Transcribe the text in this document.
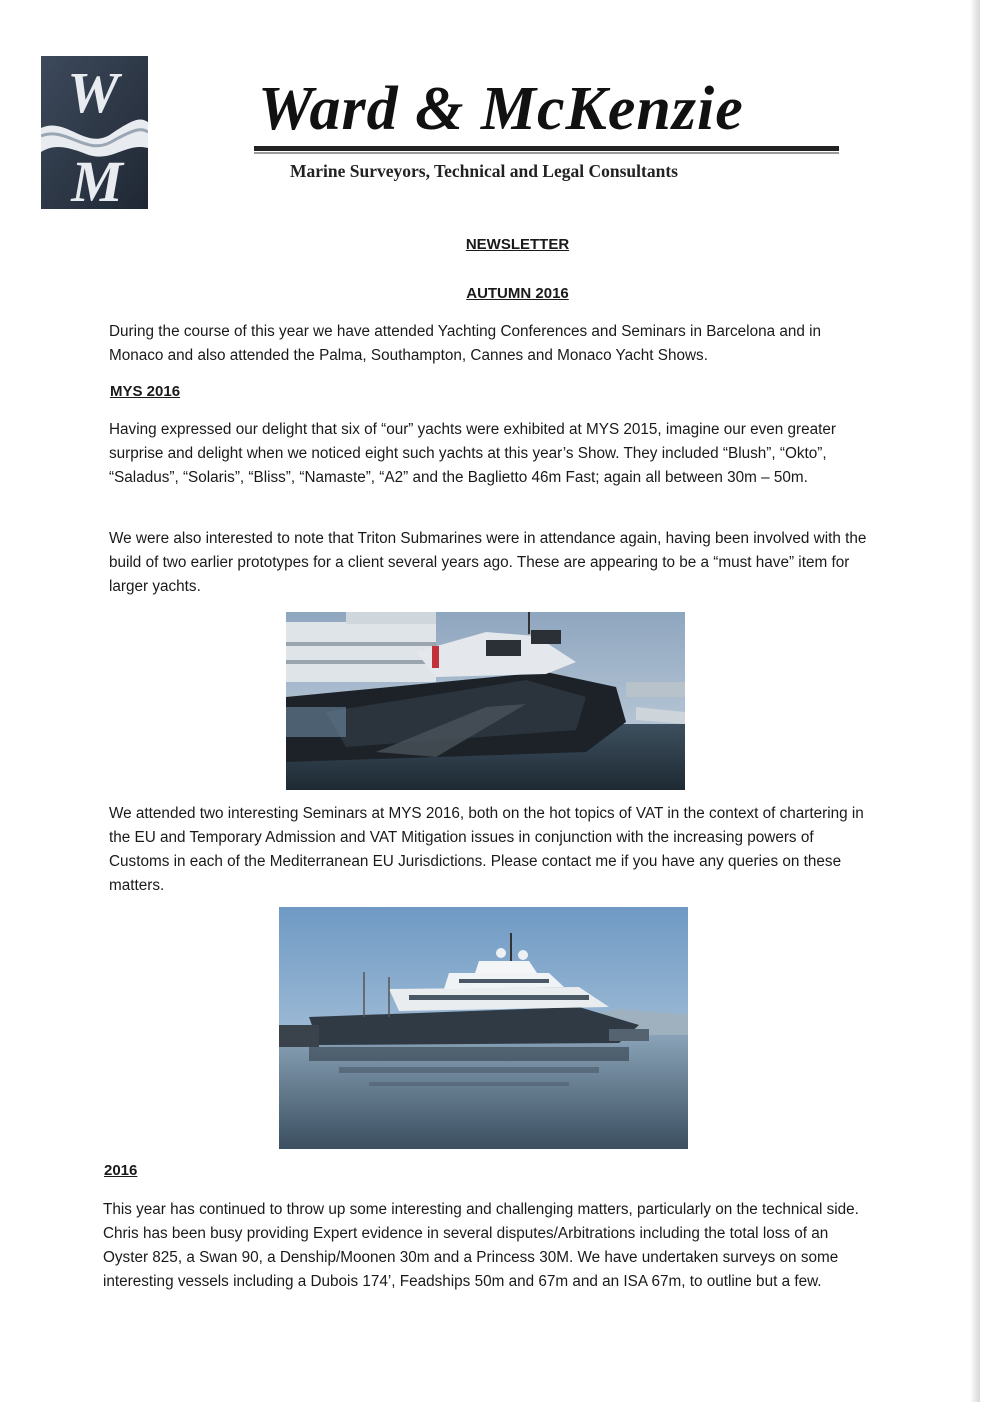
W
M
Ward & McKenzie
Marine Surveyors, Technical and Legal Consultants
NEWSLETTER
AUTUMN 2016
During the course of this year we have attended Yachting Conferences and Seminars in Barcelona and in Monaco and also attended the Palma, Southampton, Cannes and Monaco Yacht Shows.
MYS 2016
Having expressed our delight that six of “our” yachts were exhibited at MYS 2015, imagine our even greater surprise and delight when we noticed eight such yachts at this year’s Show. They included “Blush”, “Okto”, “Saladus”, “Solaris”, “Bliss”, “Namaste”, “A2” and the Baglietto 46m Fast; again all between 30m – 50m.
We were also interested to note that Triton Submarines were in attendance again, having been involved with the build of two earlier prototypes for a client several years ago. These are appearing to be a “must have” item for larger yachts.
We attended two interesting Seminars at MYS 2016, both on the hot topics of VAT in the context of chartering in the EU and Temporary Admission and VAT Mitigation issues in conjunction with the increasing powers of Customs in each of the Mediterranean EU Jurisdictions. Please contact me if you have any queries on these matters.
2016
This year has continued to throw up some interesting and challenging matters, particularly on the technical side. Chris has been busy providing Expert evidence in several disputes/Arbitrations including the total loss of an Oyster 825, a Swan 90, a Denship/Moonen 30m and a Princess 30M. We have undertaken surveys on some interesting vessels including a Dubois 174’, Feadships 50m and 67m and an ISA 67m, to outline but a few.
